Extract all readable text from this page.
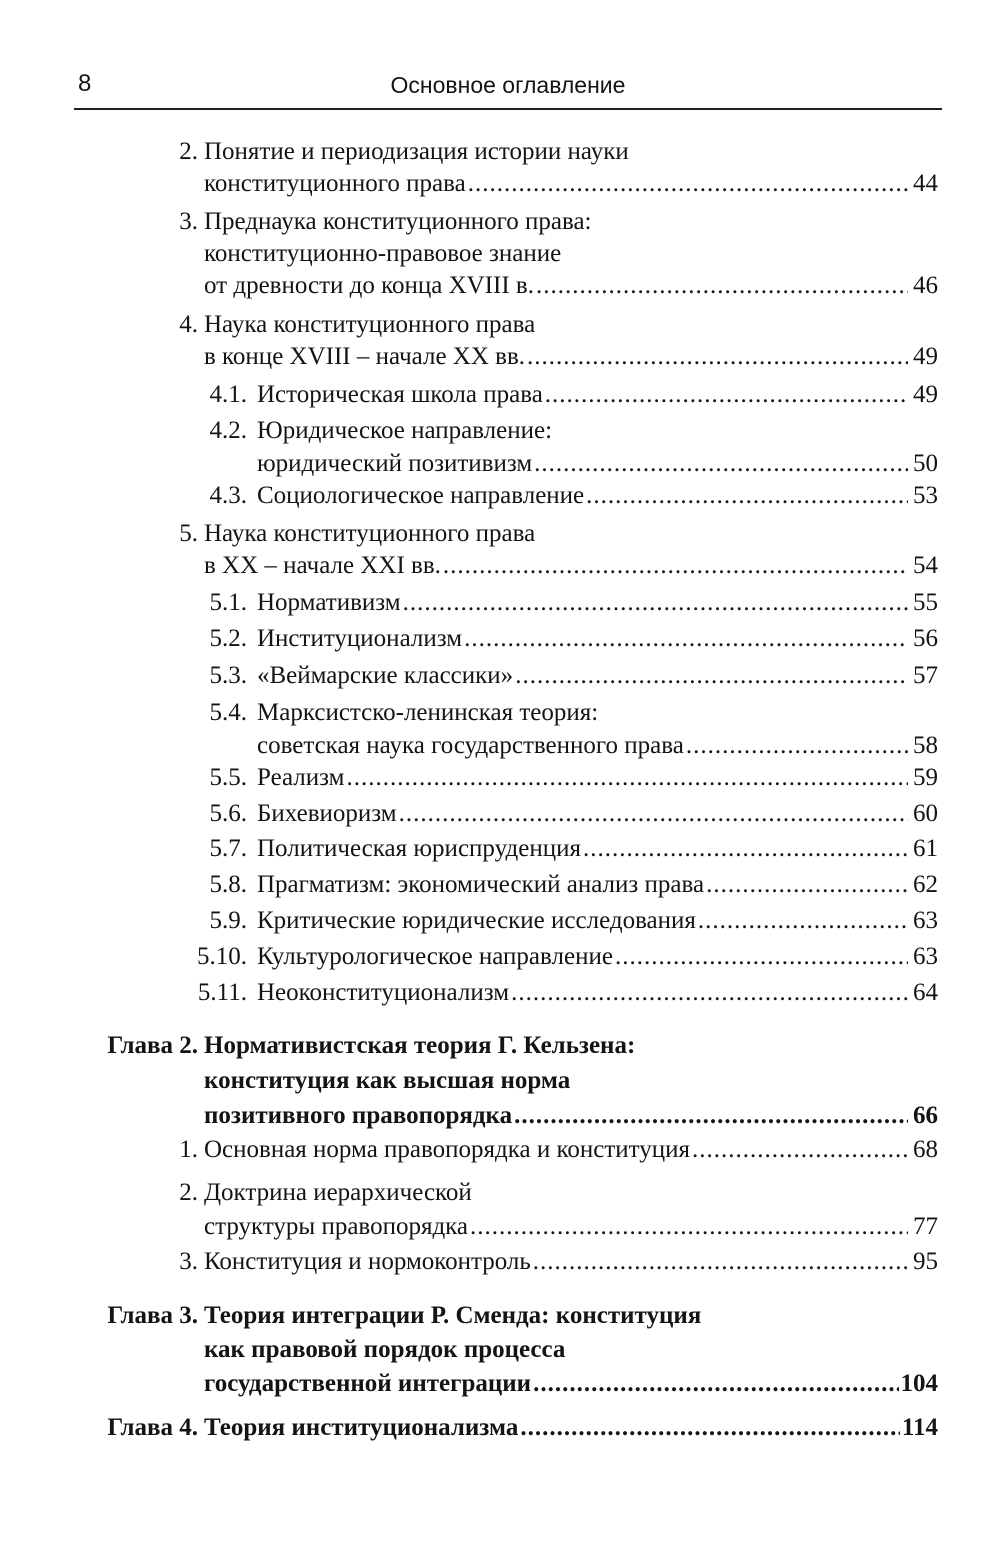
8	Основное оглавление
2. Понятие и периодизация истории науки
конституционного права .....	44
3. Преднаука конституционного права:
конституционно-правовое знание
от древности до конца XVIII в. .....	46
4. Наука конституционного права
в конце XVIII – начале XX вв. .....	49
4.1. Историческая школа права .....	49
4.2. Юридическое направление:
юридический позитивизм .....	50
4.3. Социологическое направление .....	53
5. Наука конституционного права
в XX – начале XXI вв. .....	54
5.1. Нормативизм .....	55
5.2. Институционализм .....	56
5.3. «Веймарские классики» .....	57
5.4. Марксистско-ленинская теория:
советская наука государственного права .....	58
5.5. Реализм .....	59
5.6. Бихевиоризм .....	60
5.7. Политическая юриспруденция .....	61
5.8. Прагматизм: экономический анализ права .....	62
5.9. Критические юридические исследования .....	63
5.10. Культурологическое направление .....	63
5.11. Неоконституционализм .....	64
Глава 2. Нормативистская теория Г. Кельзена:
конституция как высшая норма
позитивного правопорядка .....	66
1. Основная норма правопорядка и конституция .....	68
2. Доктрина иерархической
структуры правопорядка .....	77
3. Конституция и нормоконтроль .....	95
Глава 3. Теория интеграции Р. Сменда: конституция
как правовой порядок процесса
государственной интеграции .....	104
Глава 4. Теория институционализма .....	114
